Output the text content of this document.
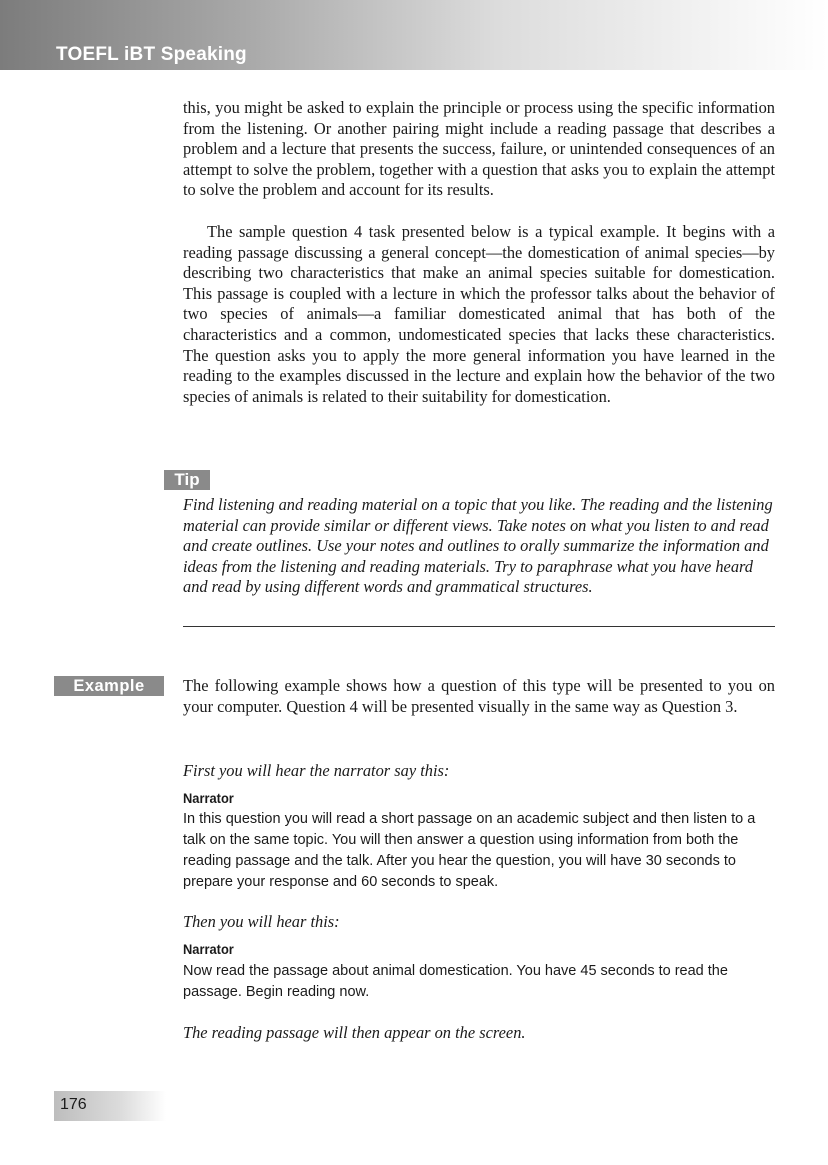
TOEFL iBT Speaking

this, you might be asked to explain the principle or process using the specific information from the listening. Or another pairing might include a reading passage that describes a problem and a lecture that presents the success, failure, or unintended consequences of an attempt to solve the problem, together with a question that asks you to explain the attempt to solve the problem and account for its results.

The sample question 4 task presented below is a typical example. It begins with a reading passage discussing a general concept—the domestication of animal species—by describing two characteristics that make an animal species suitable for domestication. This passage is coupled with a lecture in which the professor talks about the behavior of two species of animals—a familiar domesticated animal that has both of the characteristics and a common, undomesticated species that lacks these characteristics. The question asks you to apply the more general information you have learned in the reading to the examples discussed in the lecture and explain how the behavior of the two species of animals is related to their suitability for domestication.

Tip

Find listening and reading material on a topic that you like. The reading and the listening material can provide similar or different views. Take notes on what you listen to and read and create outlines. Use your notes and outlines to orally summarize the information and ideas from the listening and reading materials. Try to paraphrase what you have heard and read by using different words and grammatical structures.

Example	The following example shows how a question of this type will be presented to you on your computer. Question 4 will be presented visually in the same way as Question 3.

First you will hear the narrator say this:

Narrator

In this question you will read a short passage on an academic subject and then listen to a talk on the same topic. You will then answer a question using information from both the reading passage and the talk. After you hear the question, you will have 30 seconds to prepare your response and 60 seconds to speak.

Then you will hear this:

Narrator

Now read the passage about animal domestication. You have 45 seconds to read the passage. Begin reading now.

The reading passage will then appear on the screen.

176
